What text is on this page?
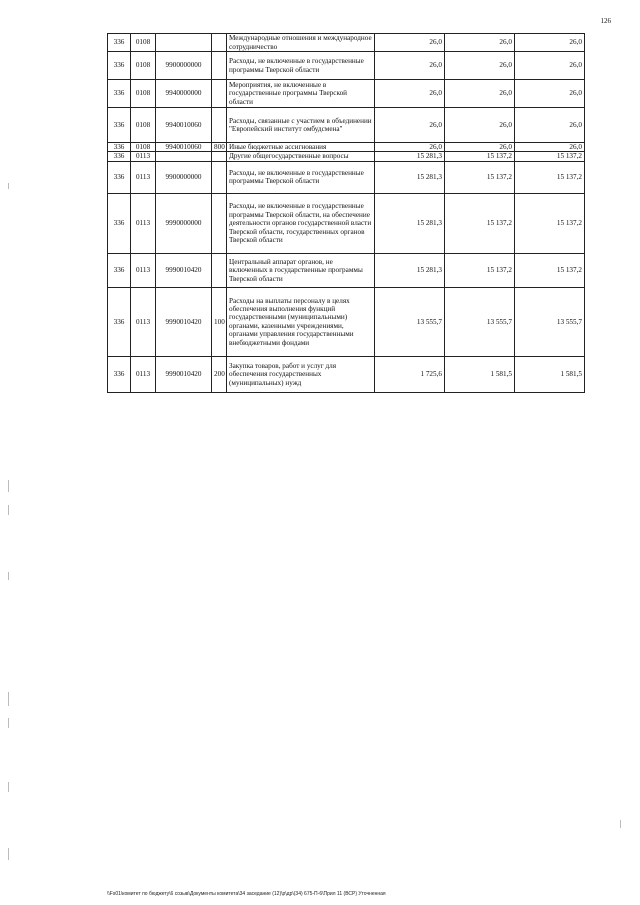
126
336	0108			Международные отношения и международное сотрудничество	26,0	26,0	26,0
336	0108	9900000000		Расходы, не включенные в государственные программы Тверской области	26,0	26,0	26,0
336	0108	9940000000		Мероприятия, не включенные в государственные программы Тверской области	26,0	26,0	26,0
336	0108	9940010060		Расходы, связанные с участием в объединении "Европейский институт омбудсмена"	26,0	26,0	26,0
336	0108	9940010060	800	Иные бюджетные ассигнования	26,0	26,0	26,0
336	0113			Другие общегосударственные вопросы	15 281,3	15 137,2	15 137,2
336	0113	9900000000		Расходы, не включенные в государственные программы Тверской области	15 281,3	15 137,2	15 137,2
336	0113	9990000000		Расходы, не включенные в государственные программы Тверской области, на обеспечение деятельности органов государственной власти Тверской области, государственных органов Тверской области	15 281,3	15 137,2	15 137,2
336	0113	9990010420		Центральный аппарат органов, не включенных в государственные программы Тверской области	15 281,3	15 137,2	15 137,2
336	0113	9990010420	100	Расходы на выплаты персоналу в целях обеспечения выполнения функций государственными (муниципальными) органами, казенными учреждениями, органами управления государственными внебюджетными фондами	13 555,7	13 555,7	13 555,7
336	0113	9990010420	200	Закупка товаров, работ и услуг для обеспечения государственных (муниципальных) нужд	1 725,6	1 581,5	1 581,5
\\Fs01\комитет по бюджету\6 созыв\Документы комитета\34 заседание (12)\р\др\(34) 675-П-6\Прил 11 (ВСР) Уточненная
